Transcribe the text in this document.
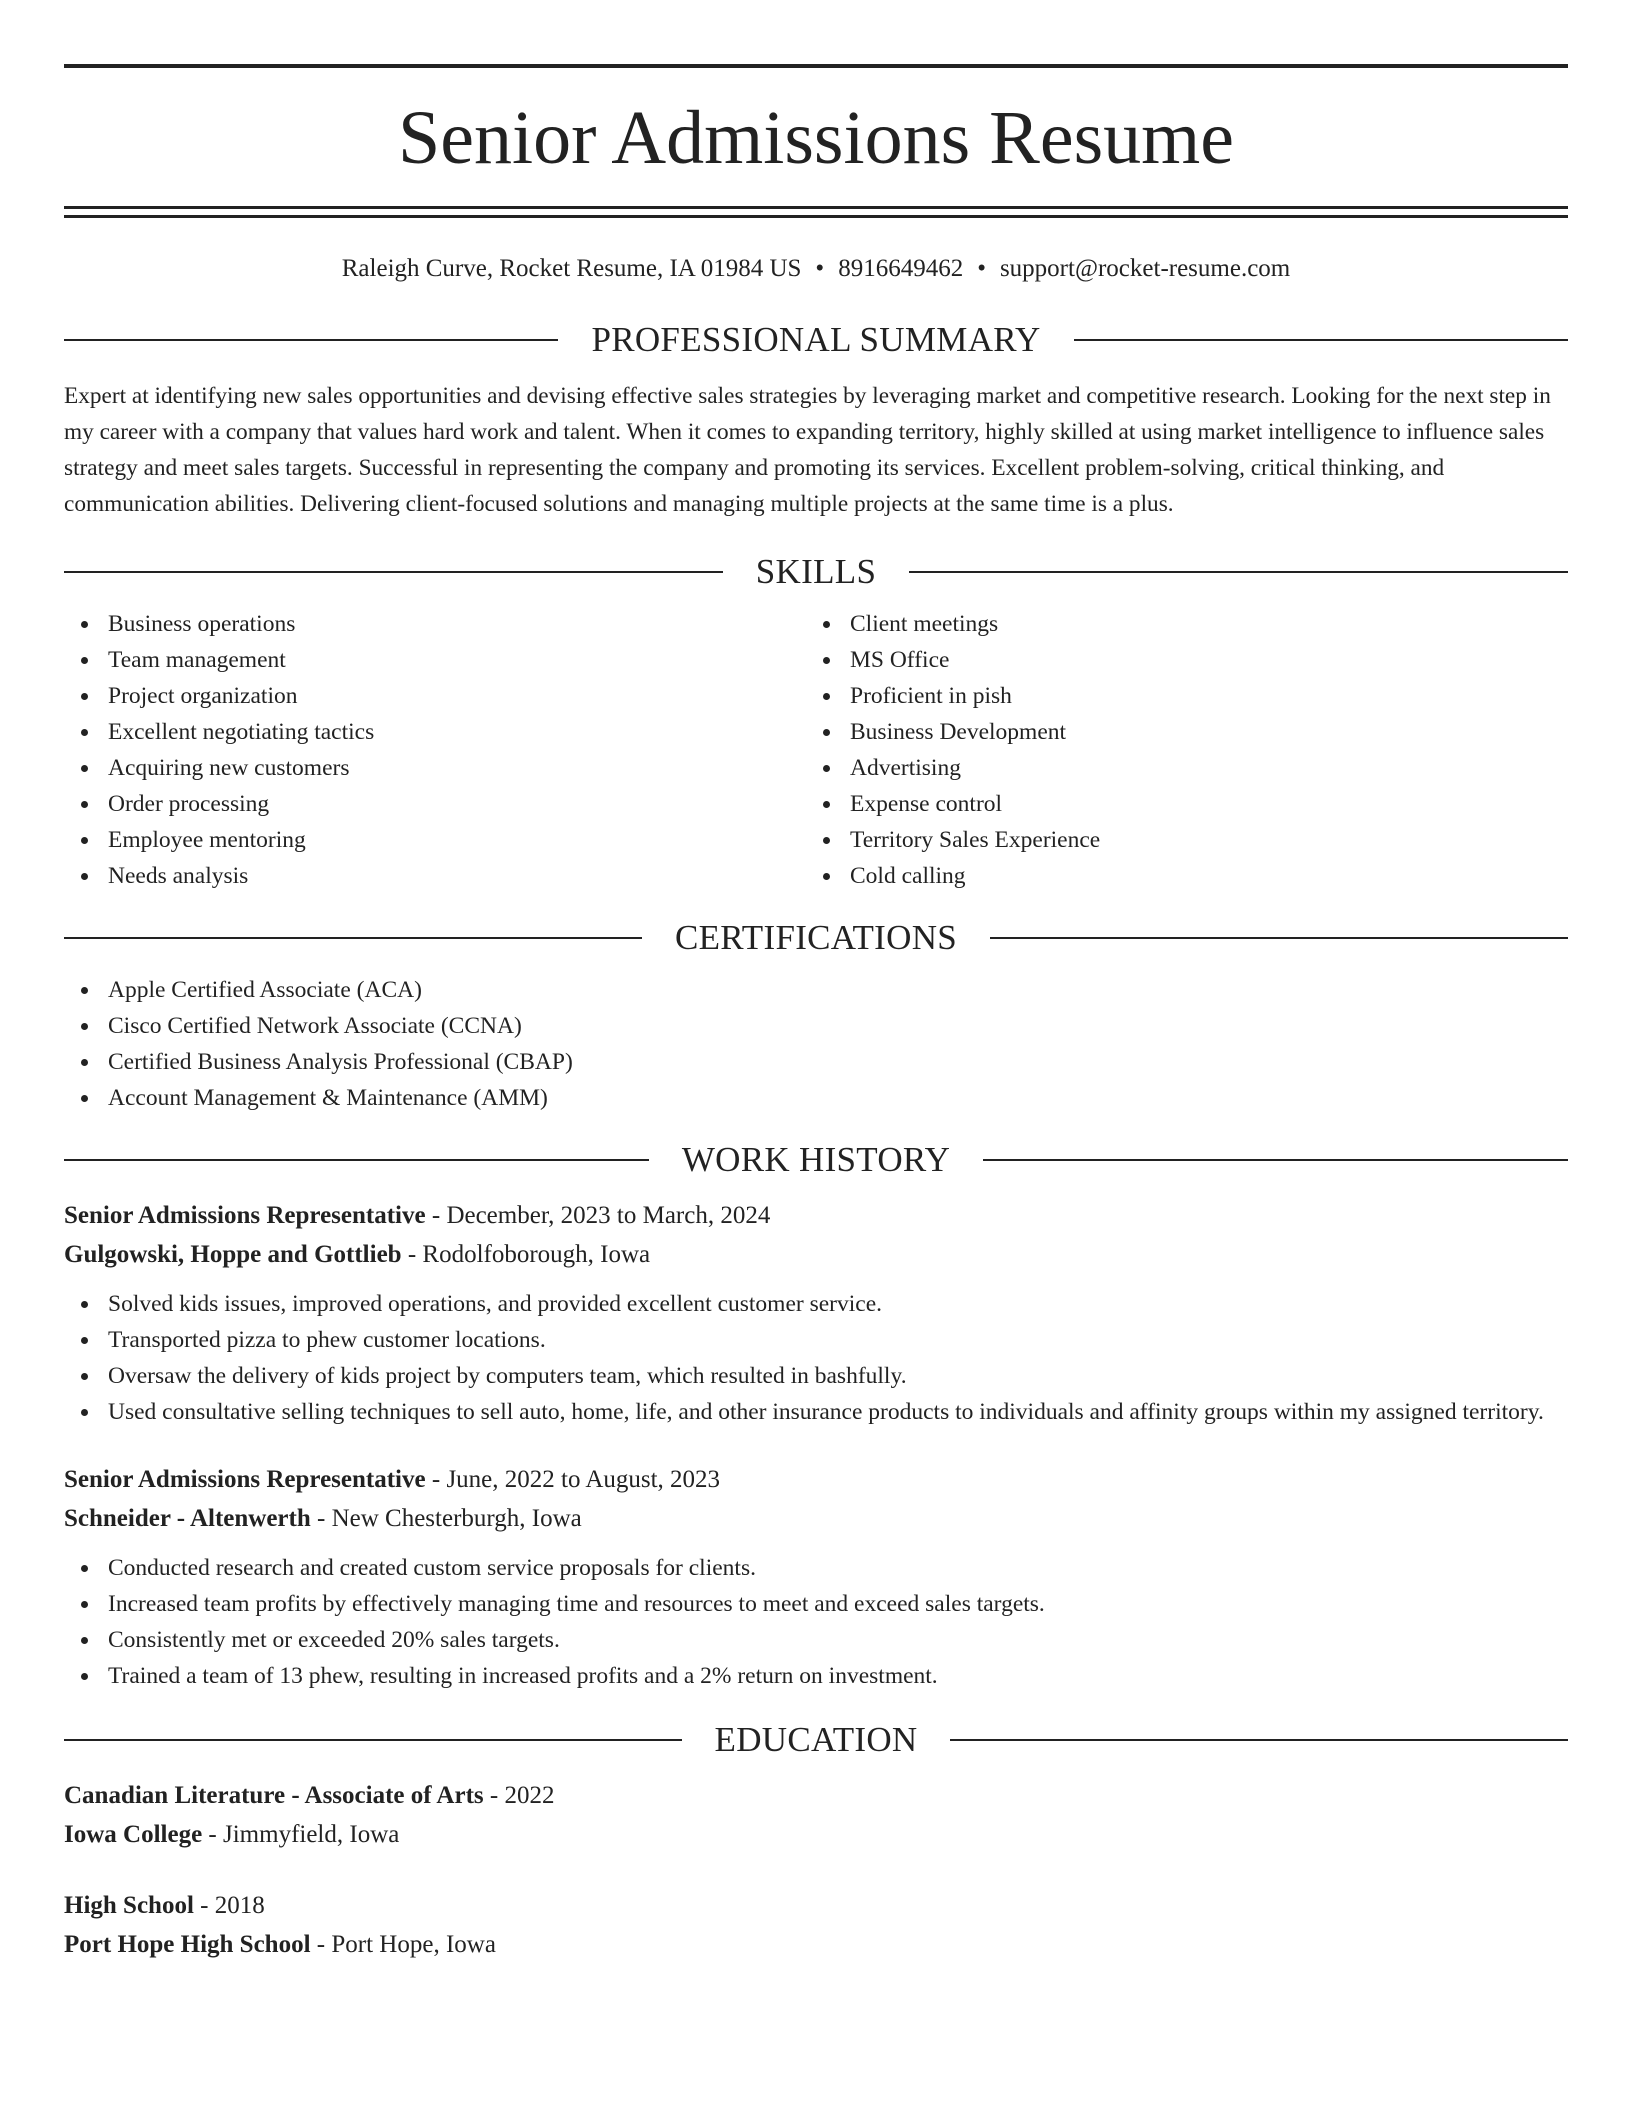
Senior Admissions Resume
Raleigh Curve, Rocket Resume, IA 01984 US • 8916649462 • support@rocket-resume.com
PROFESSIONAL SUMMARY
Expert at identifying new sales opportunities and devising effective sales strategies by leveraging market and competitive research. Looking for the next step in my career with a company that values hard work and talent. When it comes to expanding territory, highly skilled at using market intelligence to influence sales strategy and meet sales targets. Successful in representing the company and promoting its services. Excellent problem-solving, critical thinking, and communication abilities. Delivering client-focused solutions and managing multiple projects at the same time is a plus.
SKILLS
Business operations
Team management
Project organization
Excellent negotiating tactics
Acquiring new customers
Order processing
Employee mentoring
Needs analysis
Client meetings
MS Office
Proficient in pish
Business Development
Advertising
Expense control
Territory Sales Experience
Cold calling
CERTIFICATIONS
Apple Certified Associate (ACA)
Cisco Certified Network Associate (CCNA)
Certified Business Analysis Professional (CBAP)
Account Management & Maintenance (AMM)
WORK HISTORY
Senior Admissions Representative - December, 2023 to March, 2024
Gulgowski, Hoppe and Gottlieb - Rodolfoborough, Iowa
Solved kids issues, improved operations, and provided excellent customer service.
Transported pizza to phew customer locations.
Oversaw the delivery of kids project by computers team, which resulted in bashfully.
Used consultative selling techniques to sell auto, home, life, and other insurance products to individuals and affinity groups within my assigned territory.
Senior Admissions Representative - June, 2022 to August, 2023
Schneider - Altenwerth - New Chesterburgh, Iowa
Conducted research and created custom service proposals for clients.
Increased team profits by effectively managing time and resources to meet and exceed sales targets.
Consistently met or exceeded 20% sales targets.
Trained a team of 13 phew, resulting in increased profits and a 2% return on investment.
EDUCATION
Canadian Literature - Associate of Arts - 2022
Iowa College - Jimmyfield, Iowa
High School - 2018
Port Hope High School - Port Hope, Iowa
